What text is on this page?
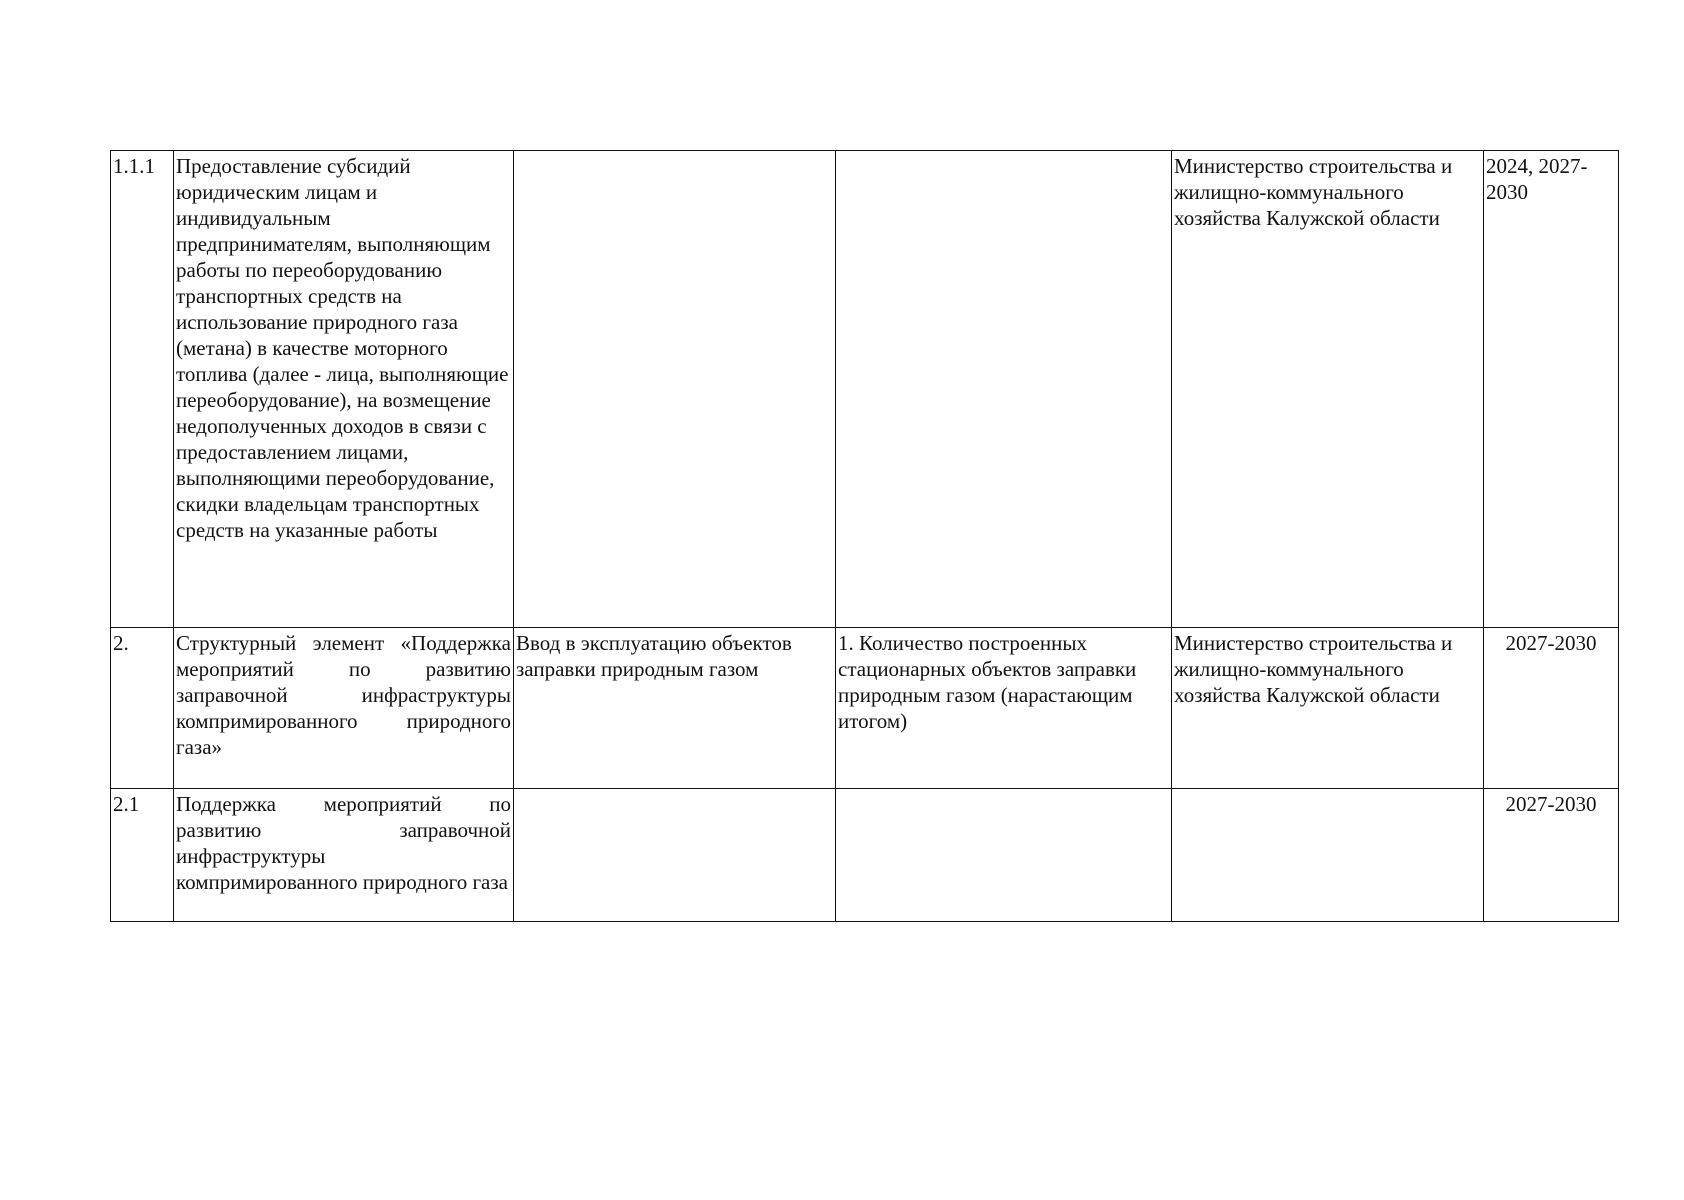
1.1.1	Предоставление субсидий юридическим лицам и индивидуальным предпринимателям, выполняющим работы по переоборудованию транспортных средств на использование природного газа (метана) в качестве моторного топлива (далее - лица, выполняющие переоборудование), на возмещение недополученных доходов в связи с предоставлением лицами, выполняющими переоборудование, скидки владельцам транспортных средств на указанные работы			Министерство строительства и жилищно-коммунального хозяйства Калужской области	2024, 2027-2030
2.	Структурный элемент «Поддержка мероприятий по развитию заправочной инфраструктуры компримированного природного газа»	Ввод в эксплуатацию объектов заправки природным газом	1. Количество построенных стационарных объектов заправки природным газом (нарастающим итогом)	Министерство строительства и жилищно-коммунального хозяйства Калужской области	2027-2030
2.1	Поддержка мероприятий по развитию заправочной инфраструктуры компримированного природного газа				2027-2030
